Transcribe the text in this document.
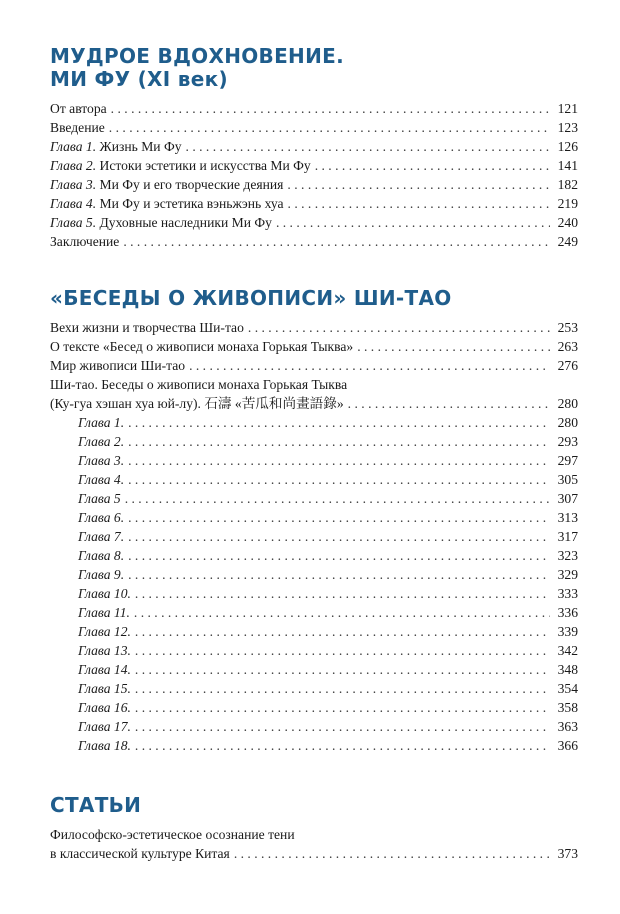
МУДРОЕ ВДОХНОВЕНИЕ.
МИ ФУ (XI век)
От автора . . .	121
Введение . . .	123
Глава 1. Жизнь Ми Фу . . .	126
Глава 2. Истоки эстетики и искусства Ми Фу . . .	141
Глава 3. Ми Фу и его творческие деяния . . .	182
Глава 4. Ми Фу и эстетика вэньжэнь хуа . . .	219
Глава 5. Духовные наследники Ми Фу . . .	240
Заключение . . .	249
«БЕСЕДЫ О ЖИВОПИСИ» ШИ-ТАО
Вехи жизни и творчества Ши-тао . . .	253
О тексте «Бесед о живописи монаха Горькая Тыква» . . .	263
Мир живописи Ши-тао . . .	276
Ши-тао. Беседы о живописи монаха Горькая Тыква
(Ку-гуа хэшан хуа юй-лу). 石濤 «苦瓜和尚畫語錄» . . .	280
Глава 1. . . .	280
Глава 2. . . .	293
Глава 3. . . .	297
Глава 4. . . .	305
Глава 5 . . .	307
Глава 6. . . .	313
Глава 7. . . .	317
Глава 8. . . .	323
Глава 9. . . .	329
Глава 10. . . .	333
Глава 11. . . .	336
Глава 12. . . .	339
Глава 13. . . .	342
Глава 14. . . .	348
Глава 15. . . .	354
Глава 16. . . .	358
Глава 17. . . .	363
Глава 18. . . .	366
СТАТЬИ
Философско-эстетическое осознание тени
в классической культуре Китая . . .	373
